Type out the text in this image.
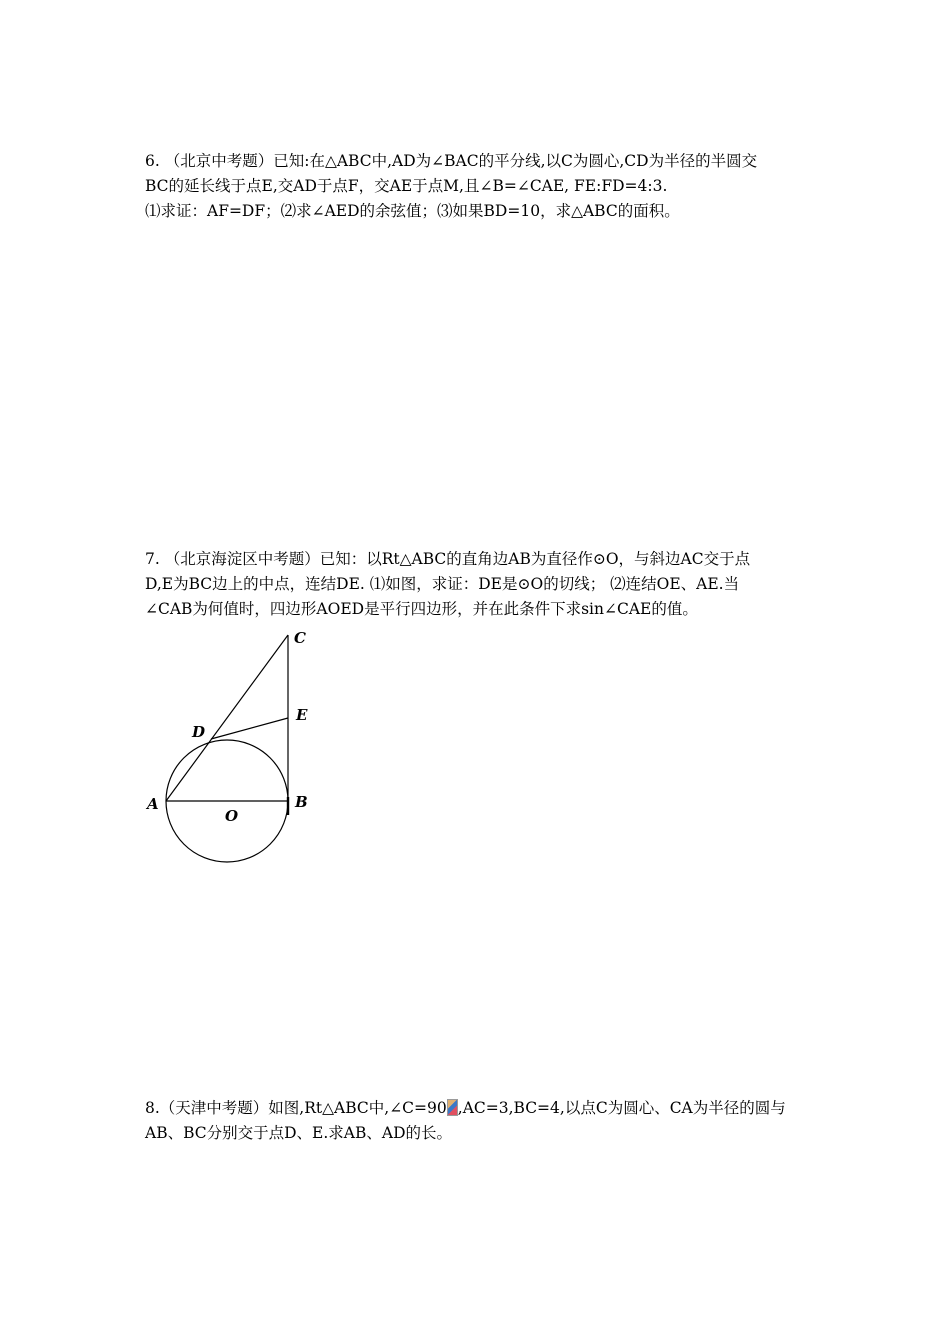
6. （北京中考题）已知:在△ABC中,AD为∠BAC的平分线,以C为圆心,CD为半径的半圆交

BC的延长线于点E,交AD于点F，交AE于点M,且∠B=∠CAE, FE:FD=4:3.

⑴求证：AF=DF；⑵求∠AED的余弦值；⑶如果BD=10，求△ABC的面积。

7. （北京海淀区中考题）已知：以Rt△ABC的直角边AB为直径作⊙O，与斜边AC交于点

D,E为BC边上的中点，连结DE. ⑴如图，求证：DE是⊙O的切线； ⑵连结OE、AE.当

∠CAB为何值时，四边形AOED是平行四边形，并在此条件下求sin∠CAE的值。

C
E
D
A	B
O

8.（天津中考题）如图,Rt△ABC中,∠C=90 ,AC=3,BC=4,以点C为圆心、CA为半径的圆与

AB、BC分别交于点D、E.求AB、AD的长。
